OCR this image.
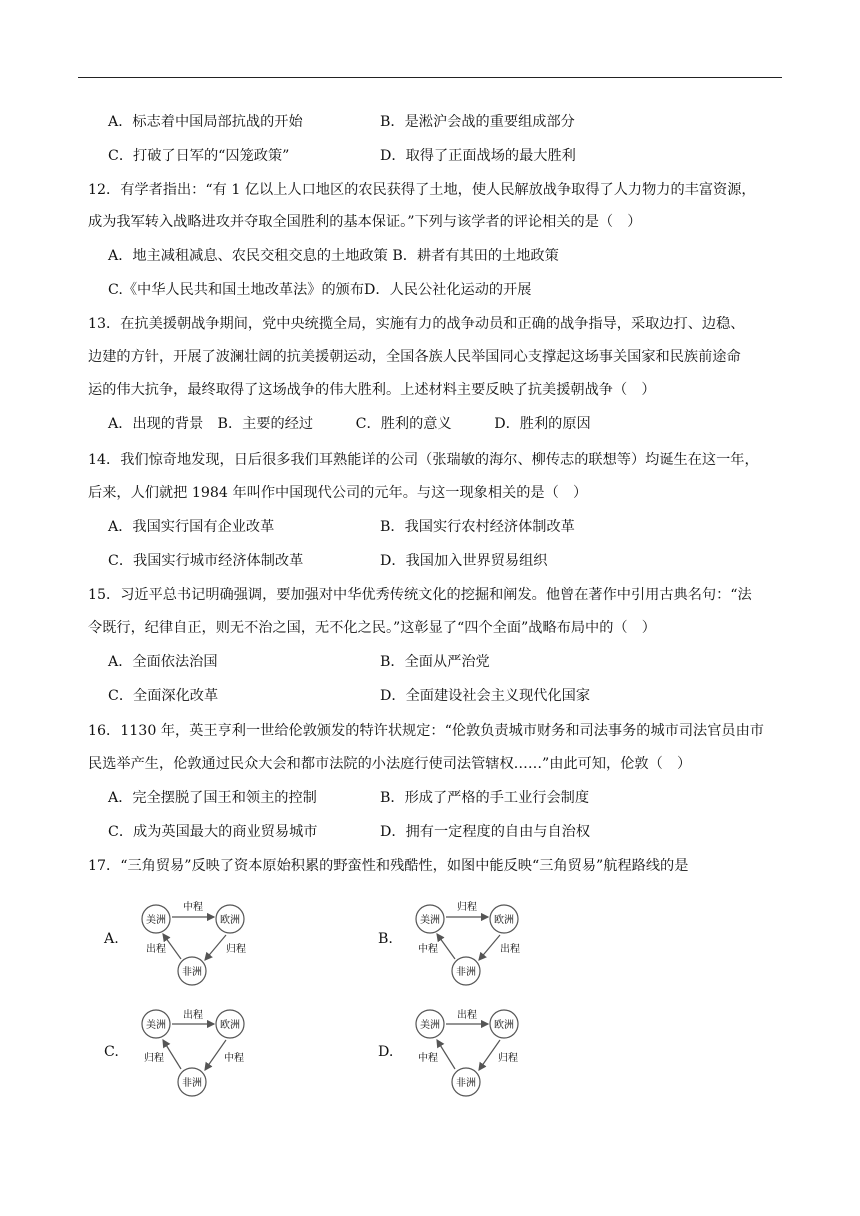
A．标志着中国局部抗战的开始	B．是淞沪会战的重要组成部分
C．打破了日军的“囚笼政策”	D．取得了正面战场的最大胜利
12．有学者指出：“有 1 亿以上人口地区的农民获得了土地，使人民解放战争取得了人力物力的丰富资源，
成为我军转入战略进攻并夺取全国胜利的基本保证。”下列与该学者的评论相关的是（　）
A．地主减租减息、农民交租交息的土地政策 B．耕者有其田的土地政策
C.《中华人民共和国土地改革法》的颁布D．人民公社化运动的开展
13．在抗美援朝战争期间，党中央统揽全局，实施有力的战争动员和正确的战争指导，采取边打、边稳、
边建的方针，开展了波澜壮阔的抗美援朝运动，全国各族人民举国同心支撑起这场事关国家和民族前途命
运的伟大抗争，最终取得了这场战争的伟大胜利。上述材料主要反映了抗美援朝战争（　）
A．出现的背景　B．主要的经过　　　C．胜利的意义　　　D．胜利的原因
14．我们惊奇地发现，日后很多我们耳熟能详的公司（张瑞敏的海尔、柳传志的联想等）均诞生在这一年，
后来，人们就把 1984 年叫作中国现代公司的元年。与这一现象相关的是（　）
A．我国实行国有企业改革	B．我国实行农村经济体制改革
C．我国实行城市经济体制改革	D．我国加入世界贸易组织
15．习近平总书记明确强调，要加强对中华优秀传统文化的挖掘和阐发。他曾在著作中引用古典名句：“法
令既行，纪律自正，则无不治之国，无不化之民。”这彰显了“四个全面”战略布局中的（　）
A．全面依法治国	B．全面从严治党
C．全面深化改革	D．全面建设社会主义现代化国家
16．1130 年，英王亨利一世给伦敦颁发的特许状规定：“伦敦负责城市财务和司法事务的城市司法官员由市
民选举产生，伦敦通过民众大会和都市法院的小法庭行使司法管辖权……”由此可知，伦敦（　）
A．完全摆脱了国王和领主的控制	B．形成了严格的手工业行会制度
C．成为英国最大的商业贸易城市	D．拥有一定程度的自由与自治权
17．“三角贸易”反映了资本原始积累的野蛮性和残酷性，如图中能反映“三角贸易”航程路线的是
A.	B.
C.	D.
美洲	欧洲
非洲
中程
出程	归程
美洲	欧洲
非洲
归程
中程	出程
美洲	欧洲
非洲
出程
归程	中程
美洲	欧洲
非洲
出程
中程	归程
